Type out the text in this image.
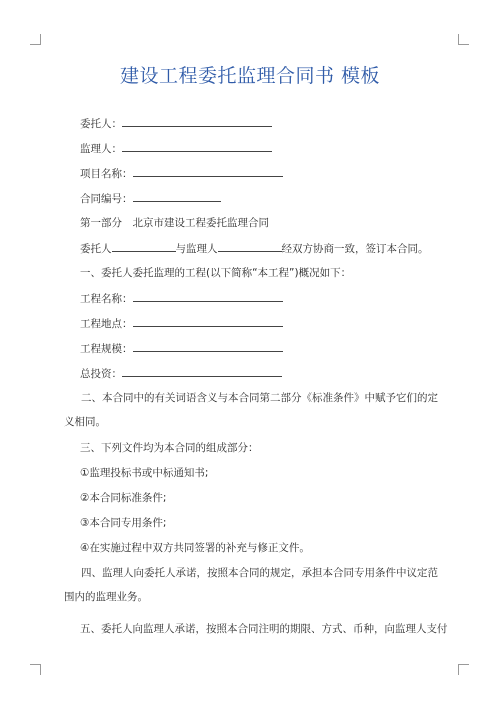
建设工程委托监理合同书 模板
委托人：
监理人：
项目名称：
合同编号：
第一部分　北京市建设工程委托监理合同
委托人	与监理人	经双方协商一致，签订本合同。
一、委托人委托监理的工程(以下简称“本工程”)概况如下：
工程名称：
工程地点：
工程规模：
总投资：
二、本合同中的有关词语含义与本合同第二部分《标准条件》中赋予它们的定义相同。
三、下列文件均为本合同的组成部分：
①监理投标书或中标通知书;
②本合同标准条件;
③本合同专用条件;
④在实施过程中双方共同签署的补充与修正文件。
四、监理人向委托人承诺，按照本合同的规定，承担本合同专用条件中议定范围内的监理业务。
五、委托人向监理人承诺，按照本合同注明的期限、方式、币种，向监理人支付
